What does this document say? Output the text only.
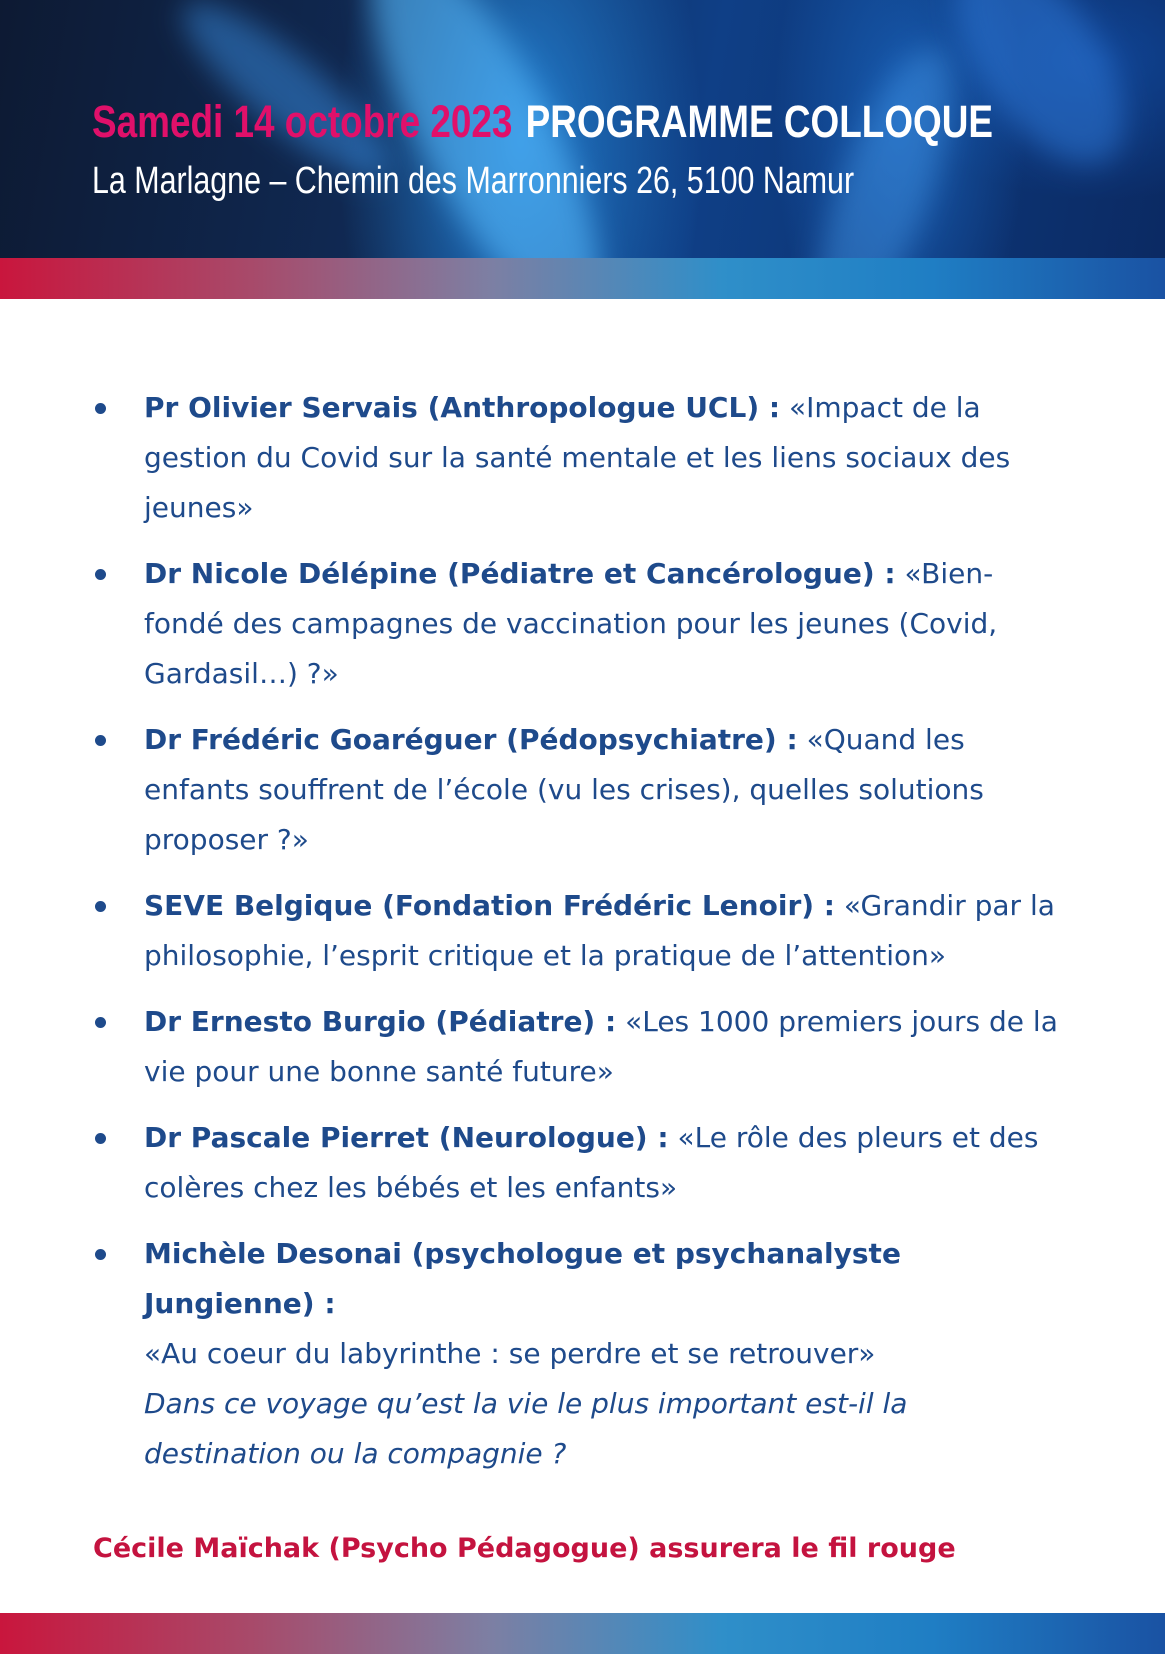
Samedi 14 octobre 2023 PROGRAMME COLLOQUE
La Marlagne – Chemin des Marronniers 26, 5100 Namur
Pr Olivier Servais (Anthropologue UCL) : «Impact de la gestion du Covid sur la santé mentale et les liens sociaux des jeunes»
Dr Nicole Délépine (Pédiatre et Cancérologue) : «Bien-fondé des campagnes de vaccination pour les jeunes (Covid, Gardasil…) ?»
Dr Frédéric Goaréguer (Pédopsychiatre) : «Quand les enfants souffrent de l’école (vu les crises), quelles solutions proposer ?»
SEVE Belgique (Fondation Frédéric Lenoir) : «Grandir par la philosophie, l’esprit critique et la pratique de l’attention»
Dr Ernesto Burgio (Pédiatre) : «Les 1000 premiers jours de la vie pour une bonne santé future»
Dr Pascale Pierret (Neurologue) : «Le rôle des pleurs et des colères chez les bébés et les enfants»
Michèle Desonai (psychologue et psychanalyste Jungienne) :
«Au coeur du labyrinthe : se perdre et se retrouver»
Dans ce voyage qu’est la vie le plus important est-il la destination ou la compagnie ?
Cécile Maïchak (Psycho Pédagogue) assurera le fil rouge
